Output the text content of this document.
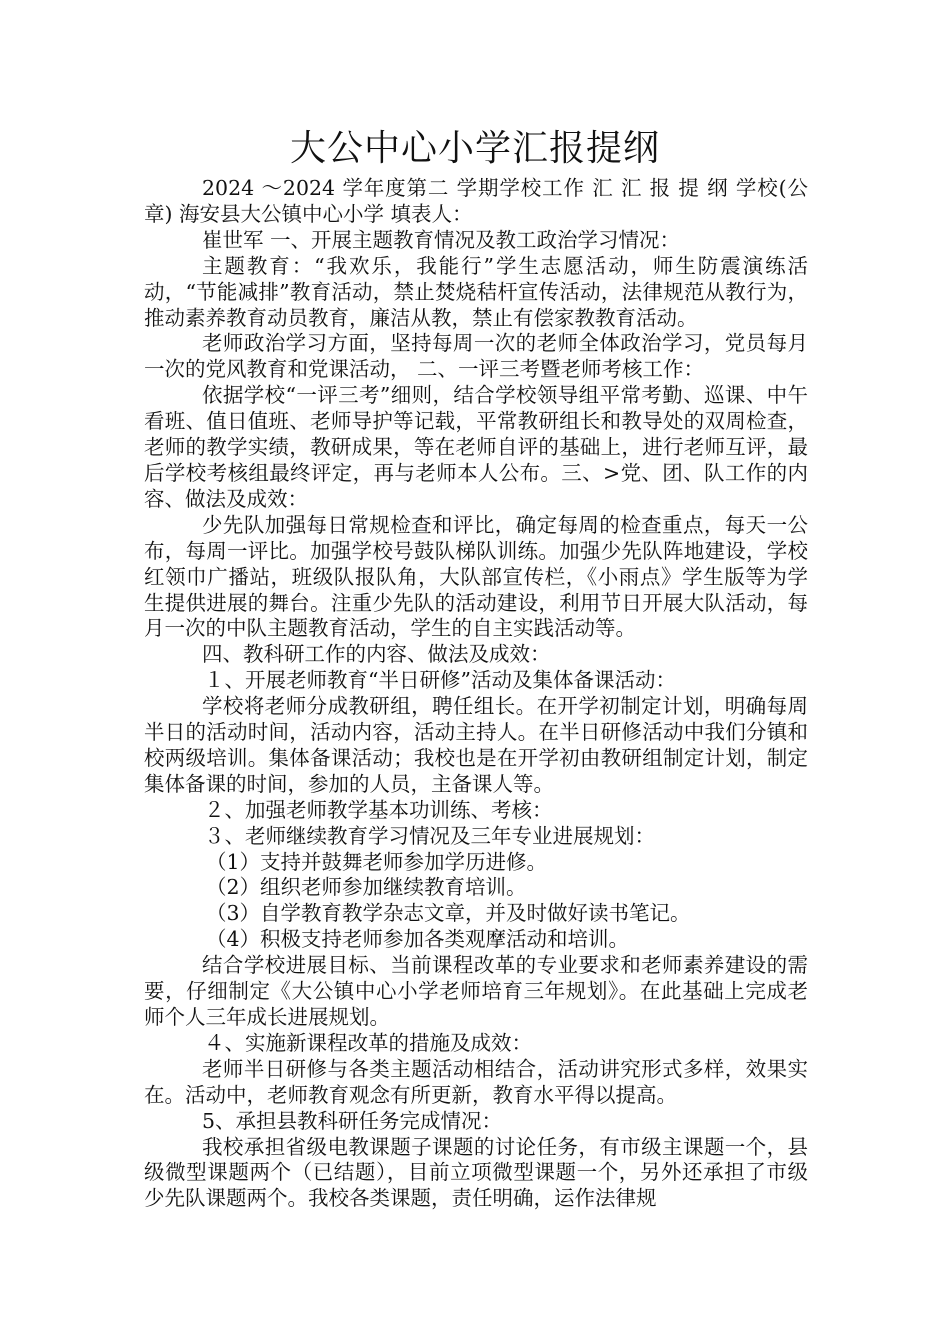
大公中心小学汇报提纲

2024 ～2024 学年度第二 学期学校工作 汇 汇 报 提 纲 学校(公章) 海安县大公镇中心小学 填表人：

崔世军 一、开展主题教育情况及教工政治学习情况：

主题教育：“我欢乐，我能行”学生志愿活动，师生防震演练活动，“节能减排”教育活动，禁止焚烧秸杆宣传活动，法律规范从教行为，推动素养教育动员教育，廉洁从教，禁止有偿家教教育活动。

老师政治学习方面，坚持每周一次的老师全体政治学习，党员每月一次的党风教育和党课活动， 二、一评三考暨老师考核工作：

依据学校“一评三考”细则，结合学校领导组平常考勤、巡课、中午看班、值日值班、老师导护等记载，平常教研组长和教导处的双周检查，老师的教学实绩，教研成果，等在老师自评的基础上，进行老师互评，最后学校考核组最终评定，再与老师本人公布。三、>党、团、队工作的内容、做法及成效：

少先队加强每日常规检查和评比，确定每周的检查重点，每天一公布，每周一评比。加强学校号鼓队梯队训练。加强少先队阵地建设，学校红领巾广播站，班级队报队角，大队部宣传栏，《小雨点》学生版等为学生提供进展的舞台。注重少先队的活动建设，利用节日开展大队活动，每月一次的中队主题教育活动，学生的自主实践活动等。

四、教科研工作的内容、做法及成效：

１、开展老师教育“半日研修”活动及集体备课活动：

学校将老师分成教研组，聘任组长。在开学初制定计划，明确每周半日的活动时间，活动内容，活动主持人。在半日研修活动中我们分镇和校两级培训。集体备课活动；我校也是在开学初由教研组制定计划，制定集体备课的时间，参加的人员，主备课人等。

２、加强老师教学基本功训练、考核：

３、老师继续教育学习情况及三年专业进展规划：

（1）支持并鼓舞老师参加学历进修。

（2）组织老师参加继续教育培训。

（3）自学教育教学杂志文章，并及时做好读书笔记。

（4）积极支持老师参加各类观摩活动和培训。

结合学校进展目标、当前课程改革的专业要求和老师素养建设的需要，仔细制定《大公镇中心小学老师培育三年规划》。在此基础上完成老师个人三年成长进展规划。

４、实施新课程改革的措施及成效：

老师半日研修与各类主题活动相结合，活动讲究形式多样，效果实在。活动中，老师教育观念有所更新，教育水平得以提高。

5、承担县教科研任务完成情况：

我校承担省级电教课题子课题的讨论任务，有市级主课题一个，县级微型课题两个（已结题），目前立项微型课题一个，另外还承担了市级少先队课题两个。我校各类课题，责任明确，运作法律规
